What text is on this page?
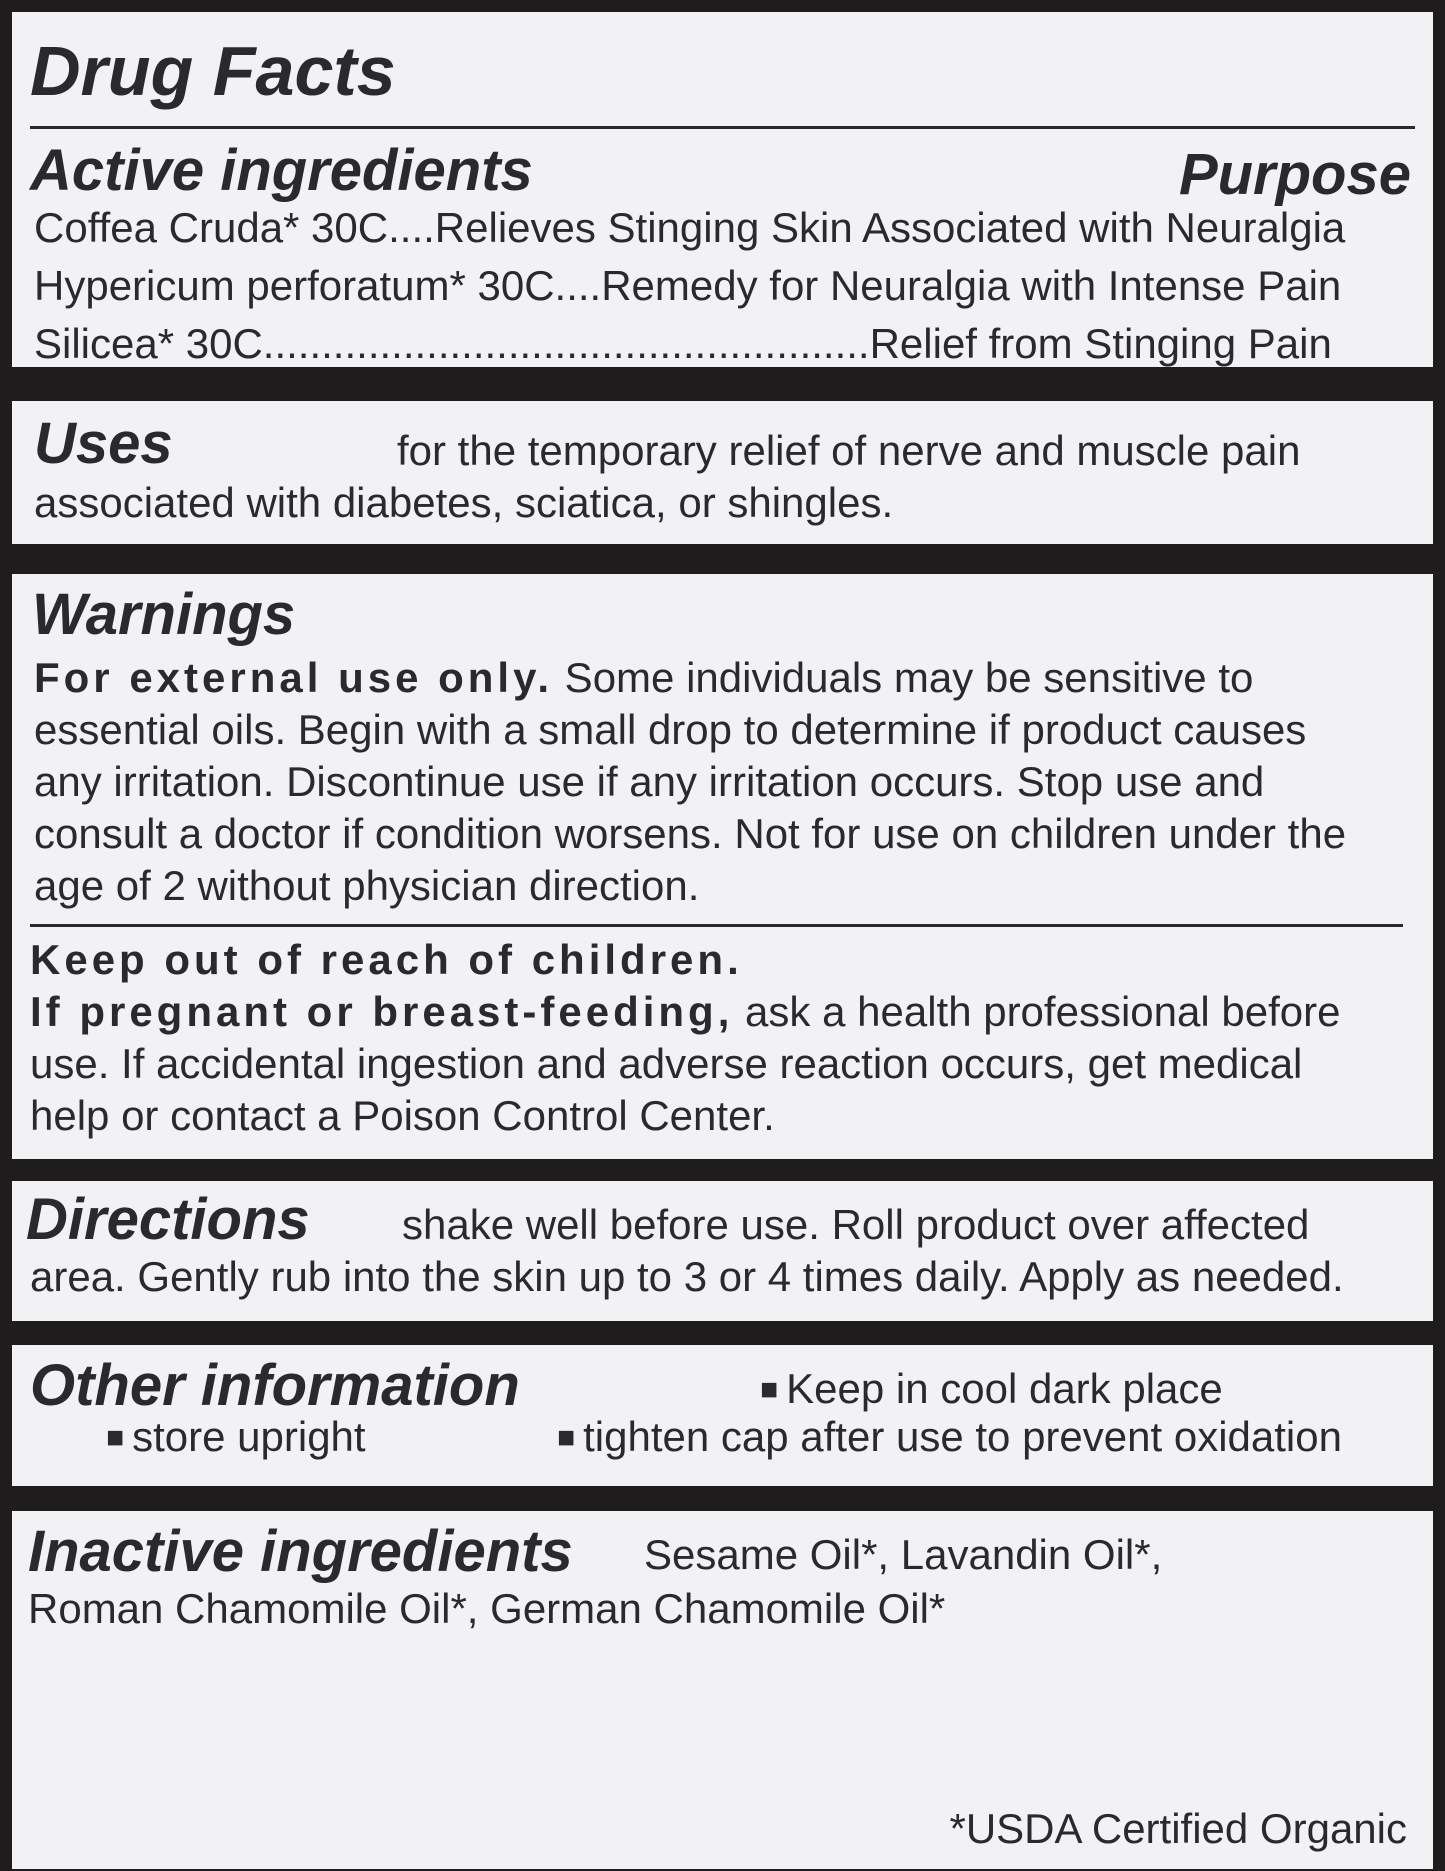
Drug Facts
Active ingredients	Purpose
Coffea Cruda* 30C....Relieves Stinging Skin Associated with Neuralgia
Hypericum perforatum* 30C....Remedy for Neuralgia with Intense Pain
Silicea* 30C....................................................Relief from Stinging Pain
Uses	for the temporary relief of nerve and muscle pain
associated with diabetes, sciatica, or shingles.
Warnings
For external use only. Some individuals may be sensitive to
essential oils. Begin with a small drop to determine if product causes
any irritation. Discontinue use if any irritation occurs. Stop use and
consult a doctor if condition worsens. Not for use on children under the
age of 2 without physician direction.
Keep out of reach of children.
If pregnant or breast-feeding, ask a health professional before
use. If accidental ingestion and adverse reaction occurs, get medical
help or contact a Poison Control Center.
Directions shake well before use. Roll product over affected
area. Gently rub into the skin up to 3 or 4 times daily. Apply as needed.
Other information	■ Keep in cool dark place
■ store upright	■ tighten cap after use to prevent oxidation
Inactive ingredients Sesame Oil*, Lavandin Oil*,
Roman Chamomile Oil*, German Chamomile Oil*
*USDA Certified Organic
